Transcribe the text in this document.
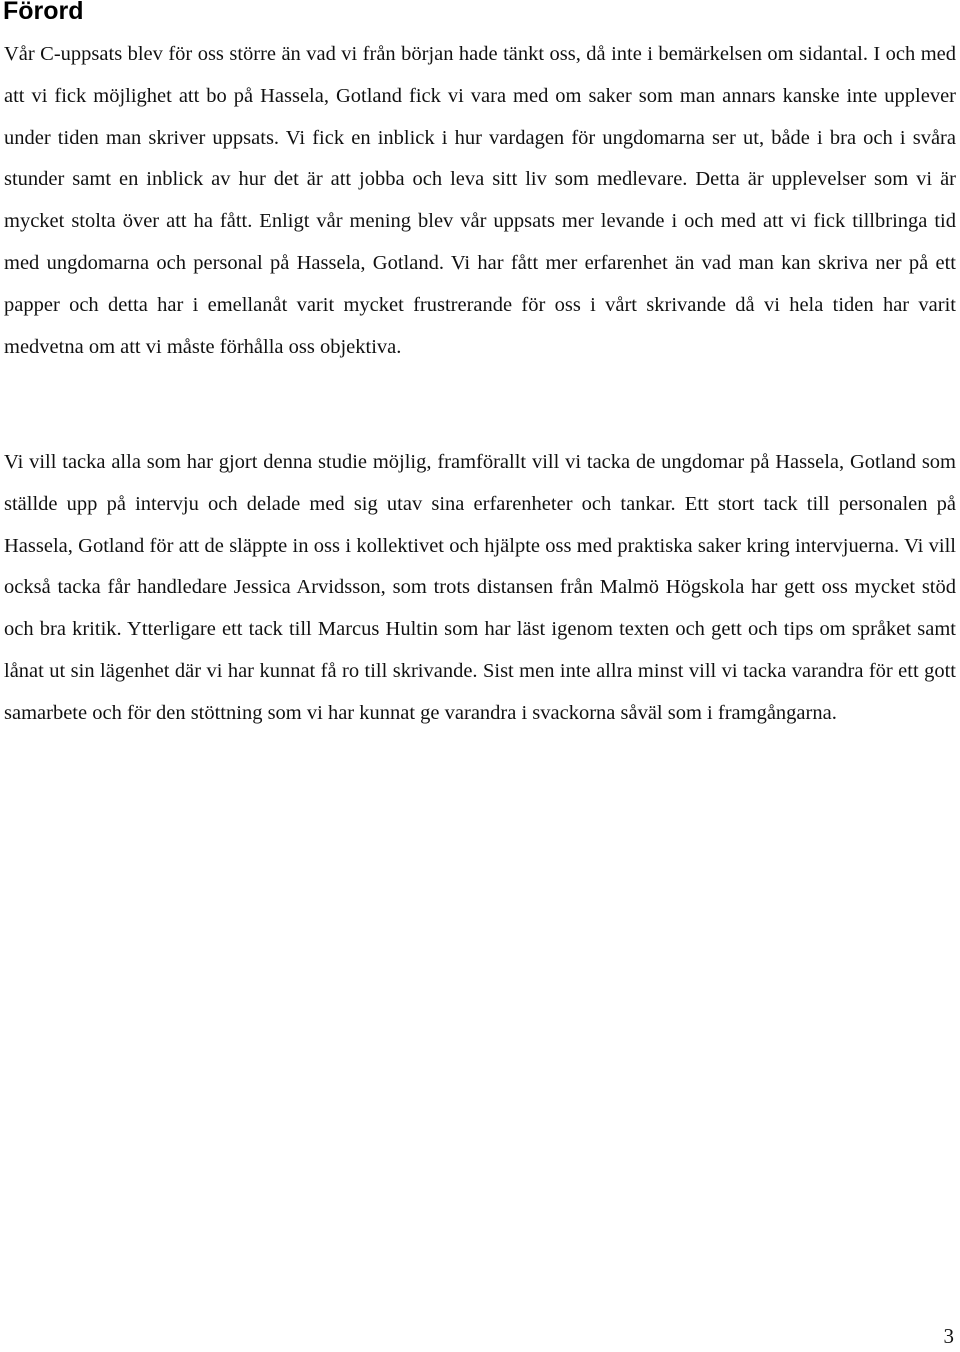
Förord

Vår C-uppsats blev för oss större än vad vi från början hade tänkt oss, då inte i bemärkelsen om sidantal. I och med att vi fick möjlighet att bo på Hassela, Gotland fick vi vara med om saker som man annars kanske inte upplever under tiden man skriver uppsats. Vi fick en inblick i hur vardagen för ungdomarna ser ut, både i bra och i svåra stunder samt en inblick av hur det är att jobba och leva sitt liv som medlevare. Detta är upplevelser som vi är mycket stolta över att ha fått. Enligt vår mening blev vår uppsats mer levande i och med att vi fick tillbringa tid med ungdomarna och personal på Hassela, Gotland. Vi har fått mer erfarenhet än vad man kan skriva ner på ett papper och detta har i emellanåt varit mycket frustrerande för oss i vårt skrivande då vi hela tiden har varit medvetna om att vi måste förhålla oss objektiva.

Vi vill tacka alla som har gjort denna studie möjlig, framförallt vill vi tacka de ungdomar på Hassela, Gotland som ställde upp på intervju och delade med sig utav sina erfarenheter och tankar. Ett stort tack till personalen på Hassela, Gotland för att de släppte in oss i kollektivet och hjälpte oss med praktiska saker kring intervjuerna. Vi vill också tacka får handledare Jessica Arvidsson, som trots distansen från Malmö Högskola har gett oss mycket stöd och bra kritik. Ytterligare ett tack till Marcus Hultin som har läst igenom texten och gett och tips om språket samt lånat ut sin lägenhet där vi har kunnat få ro till skrivande. Sist men inte allra minst vill vi tacka varandra för ett gott samarbete och för den stöttning som vi har kunnat ge varandra i svackorna såväl som i framgångarna.

3
